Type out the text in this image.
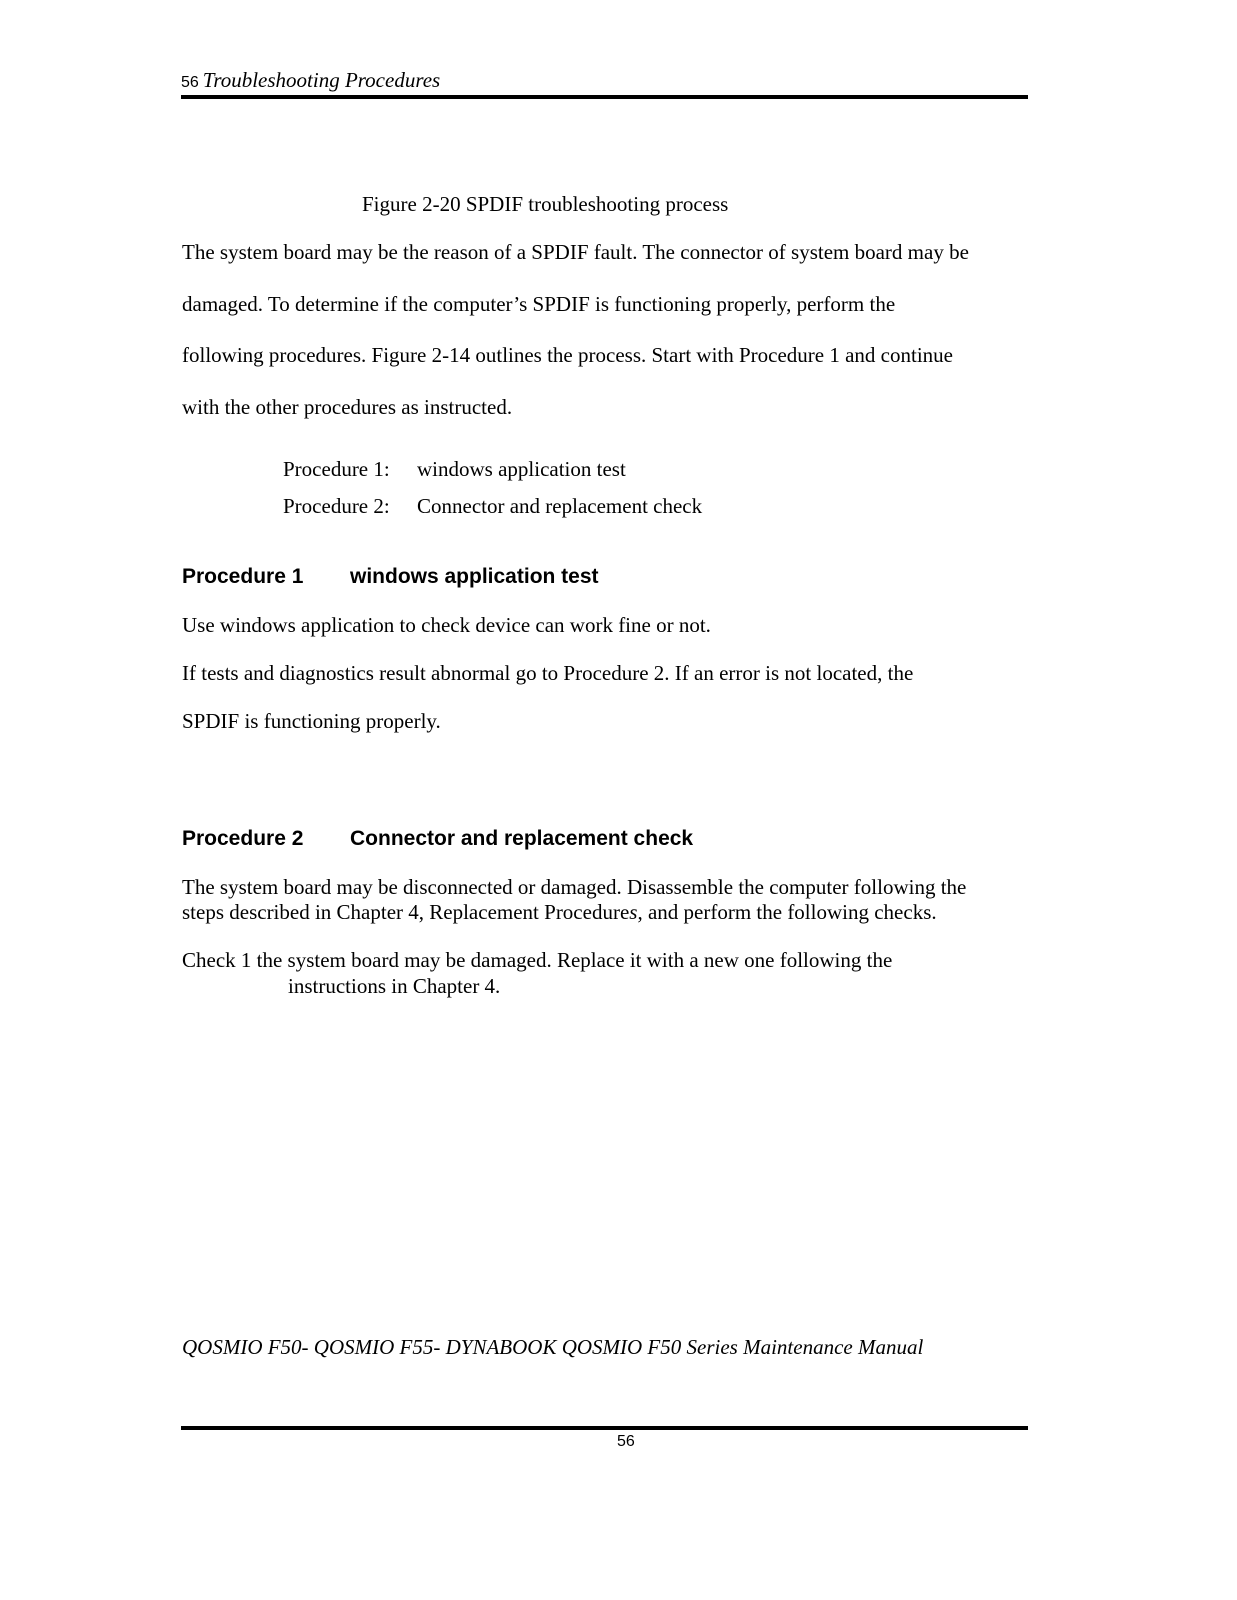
56 Troubleshooting Procedures
Figure 2-20 SPDIF troubleshooting process
The system board may be the reason of a SPDIF fault. The connector of system board may be
damaged. To determine if the computer’s SPDIF is functioning properly, perform the
following procedures. Figure 2-14 outlines the process. Start with Procedure 1 and continue
with the other procedures as instructed.
Procedure 1: windows application test
Procedure 2: Connector and replacement check
Procedure 1 windows application test
Use windows application to check device can work fine or not.
If tests and diagnostics result abnormal go to Procedure 2. If an error is not located, the
SPDIF is functioning properly.
Procedure 2 Connector and replacement check
The system board may be disconnected or damaged. Disassemble the computer following the
steps described in Chapter 4, Replacement Procedures, and perform the following checks.
Check 1 the system board may be damaged. Replace it with a new one following the
instructions in Chapter 4.
QOSMIO F50- QOSMIO F55- DYNABOOK QOSMIO F50 Series Maintenance Manual
56
